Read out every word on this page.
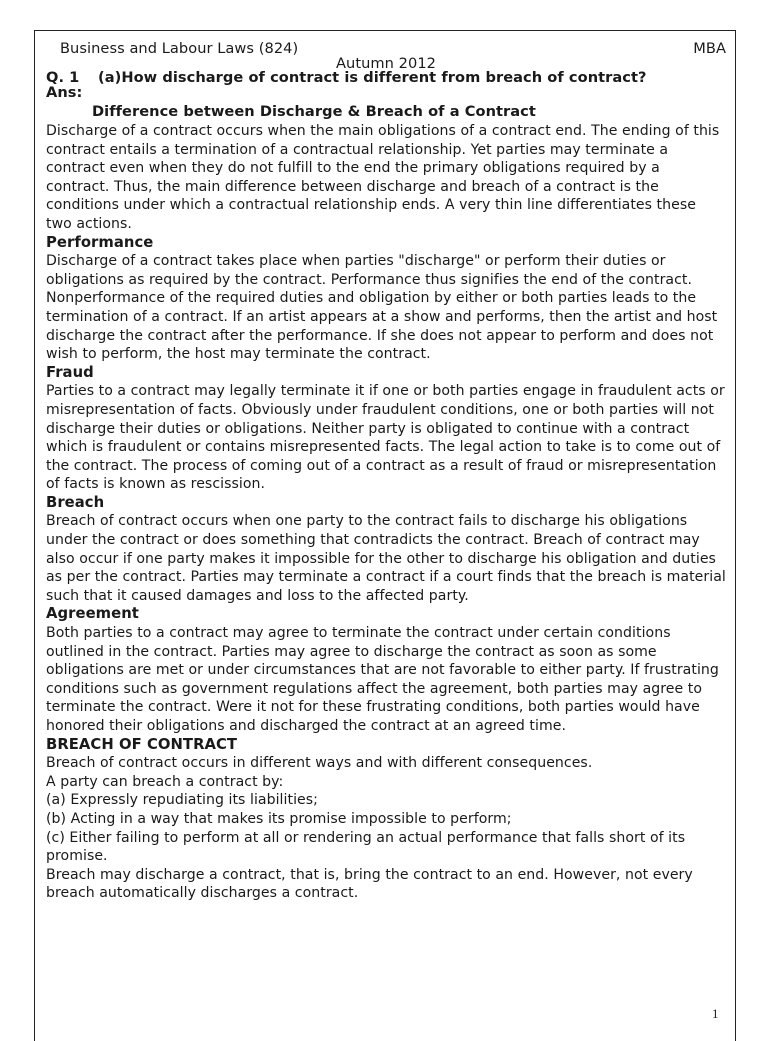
Business and Labour Laws (824)	MBA
Autumn 2012
Q. 1 (a)How discharge of contract is different from breach of contract?
Ans:
Difference between Discharge & Breach of a Contract

Discharge of a contract occurs when the main obligations of a contract end. The ending of this contract entails a termination of a contractual relationship. Yet parties may terminate a contract even when they do not fulfill to the end the primary obligations required by a contract. Thus, the main difference between discharge and breach of a contract is the conditions under which a contractual relationship ends. A very thin line differentiates these two actions.

Performance

Discharge of a contract takes place when parties "discharge" or perform their duties or obligations as required by the contract. Performance thus signifies the end of the contract. Nonperformance of the required duties and obligation by either or both parties leads to the termination of a contract. If an artist appears at a show and performs, then the artist and host discharge the contract after the performance. If she does not appear to perform and does not wish to perform, the host may terminate the contract.

Fraud

Parties to a contract may legally terminate it if one or both parties engage in fraudulent acts or misrepresentation of facts. Obviously under fraudulent conditions, one or both parties will not discharge their duties or obligations. Neither party is obligated to continue with a contract which is fraudulent or contains misrepresented facts. The legal action to take is to come out of the contract. The process of coming out of a contract as a result of fraud or misrepresentation of facts is known as rescission.

Breach

Breach of contract occurs when one party to the contract fails to discharge his obligations under the contract or does something that contradicts the contract. Breach of contract may also occur if one party makes it impossible for the other to discharge his obligation and duties as per the contract. Parties may terminate a contract if a court finds that the breach is material such that it caused damages and loss to the affected party.

Agreement

Both parties to a contract may agree to terminate the contract under certain conditions outlined in the contract. Parties may agree to discharge the contract as soon as some obligations are met or under circumstances that are not favorable to either party. If frustrating conditions such as government regulations affect the agreement, both parties may agree to terminate the contract. Were it not for these frustrating conditions, both parties would have honored their obligations and discharged the contract at an agreed time.

BREACH OF CONTRACT

Breach of contract occurs in different ways and with different consequences.

A party can breach a contract by:

(a) Expressly repudiating its liabilities;

(b) Acting in a way that makes its promise impossible to perform;

(c) Either failing to perform at all or rendering an actual performance that falls short of its promise.

Breach may discharge a contract, that is, bring the contract to an end. However, not every breach automatically discharges a contract.

1
